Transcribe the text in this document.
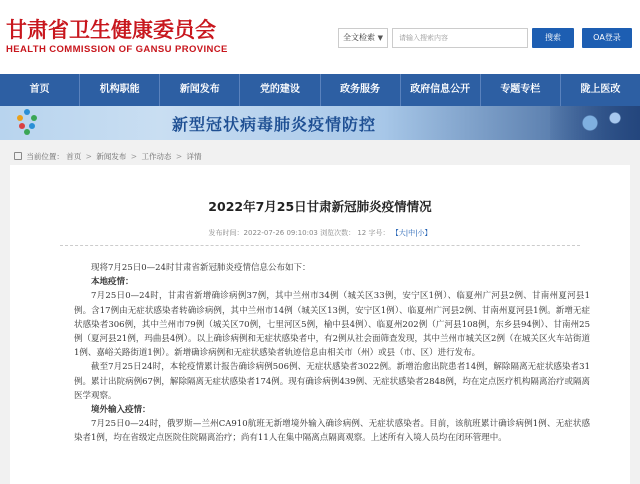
甘肃省卫生健康委员会
HEALTH COMMISSION OF GANSU PROVINCE
全文检索 ▼	请输入搜索内容	搜索	OA登录
首页	机构职能	新闻发布	党的建设	政务服务	政府信息公开	专题专栏	陇上医改
新型冠状病毒肺炎疫情防控
当前位置： 首页 > 新闻发布 > 工作动态 > 详情
2022年7月25日甘肃新冠肺炎疫情情况
发布时间：2022-07-26 09:10:03 浏览次数： 12 字号： 【大|中|小】

现将7月25日0—24时甘肃省新冠肺炎疫情信息公布如下：

本地疫情：

7月25日0—24时，甘肃省新增确诊病例37例，其中兰州市34例（城关区33例，安宁区1例）、临夏州广河县2例、甘南州夏河县1例。含17例由无症状感染者转确诊病例，其中兰州市14例（城关区13例，安宁区1例）、临夏州广河县2例、甘南州夏河县1例。新增无症状感染者306例，其中兰州市79例（城关区70例，七里河区5例，榆中县4例）、临夏州202例（广河县108例，东乡县94例）、甘南州25例（夏河县21例，玛曲县4例）。以上确诊病例和无症状感染者中，有2例从社会面筛查发现，其中兰州市城关区2例（在城关区火车站街道1例、嘉峪关路街道1例）。新增确诊病例和无症状感染者轨迹信息由相关市（州）或县（市、区）进行发布。

截至7月25日24时，本轮疫情累计报告确诊病例506例、无症状感染者3022例。新增治愈出院患者14例，解除隔离无症状感染者31例。累计出院病例67例，解除隔离无症状感染者174例。现有确诊病例439例、无症状感染者2848例，均在定点医疗机构隔离治疗或隔离医学观察。

境外输入疫情：

7月25日0—24时，俄罗斯—兰州CA910航班无新增境外输入确诊病例、无症状感染者。目前，该航班累计确诊病例1例、无症状感染者1例，均在省级定点医院住院隔离治疗；尚有11人在集中隔离点隔离观察。上述所有入境人员均在闭环管理中。
